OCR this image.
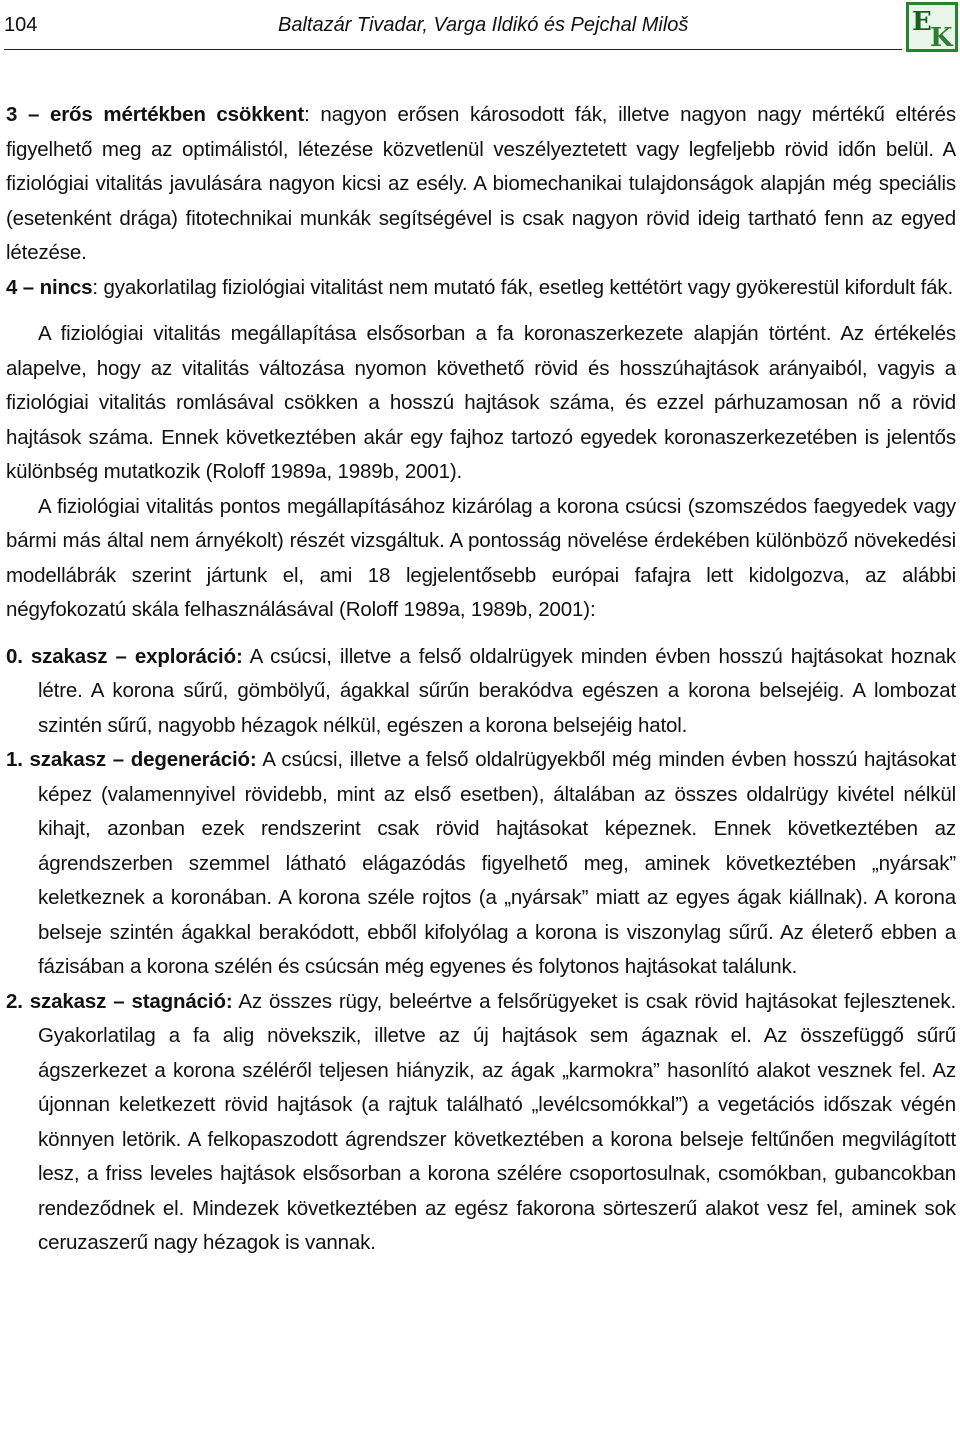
104	Baltazár Tivadar, Varga Ildikó és Pejchal Miloš	E
K

3 – erős mértékben csökkent: nagyon erősen károsodott fák, illetve nagyon nagy mértékű eltérés figyelhető meg az optimálistól, létezése közvetlenül veszélyeztetett vagy legfeljebb rövid időn belül. A fiziológiai vitalitás javulására nagyon kicsi az esély. A biomechanikai tulajdonságok alapján még speciális (esetenként drága) fitotechnikai munkák segítségével is csak nagyon rövid ideig tartható fenn az egyed létezése.

4 – nincs: gyakorlatilag fiziológiai vitalitást nem mutató fák, esetleg kettétört vagy gyökerestül kifordult fák.

A fiziológiai vitalitás megállapítása elsősorban a fa koronaszerkezete alapján történt. Az értékelés alapelve, hogy az vitalitás változása nyomon követhető rövid és hosszúhajtások arányaiból, vagyis a fiziológiai vitalitás romlásával csökken a hosszú hajtások száma, és ezzel párhuzamosan nő a rövid hajtások száma. Ennek következtében akár egy fajhoz tartozó egyedek koronaszerkezetében is jelentős különbség mutatkozik (Roloff 1989a, 1989b, 2001).

A fiziológiai vitalitás pontos megállapításához kizárólag a korona csúcsi (szomszédos faegyedek vagy bármi más által nem árnyékolt) részét vizsgáltuk. A pontosság növelése érdekében különböző növekedési modellábrák szerint jártunk el, ami 18 legjelentősebb európai fafajra lett kidolgozva, az alábbi négyfokozatú skála felhasználásával (Roloff 1989a, 1989b, 2001):

0. szakasz – exploráció: A csúcsi, illetve a felső oldalrügyek minden évben hosszú hajtásokat hoznak létre. A korona sűrű, gömbölyű, ágakkal sűrűn berakódva egészen a korona belsejéig. A lombozat szintén sűrű, nagyobb hézagok nélkül, egészen a korona belsejéig hatol.

1. szakasz – degeneráció: A csúcsi, illetve a felső oldalrügyekből még minden évben hosszú hajtásokat képez (valamennyivel rövidebb, mint az első esetben), általában az összes oldalrügy kivétel nélkül kihajt, azonban ezek rendszerint csak rövid hajtásokat képeznek. Ennek következtében az ágrendszerben szemmel látható elágazódás figyelhető meg, aminek következtében „nyársak” keletkeznek a koronában. A korona széle rojtos (a „nyársak” miatt az egyes ágak kiállnak). A korona belseje szintén ágakkal berakódott, ebből kifolyólag a korona is viszonylag sűrű. Az életerő ebben a fázisában a korona szélén és csúcsán még egyenes és folytonos hajtásokat találunk.

2. szakasz – stagnáció: Az összes rügy, beleértve a felsőrügyeket is csak rövid hajtásokat fejlesztenek. Gyakorlatilag a fa alig növekszik, illetve az új hajtások sem ágaznak el. Az összefüggő sűrű ágszerkezet a korona széléről teljesen hiányzik, az ágak „karmokra” hasonlító alakot vesznek fel. Az újonnan keletkezett rövid hajtások (a rajtuk található „levélcsomókkal”) a vegetációs időszak végén könnyen letörik. A felkopaszodott ágrendszer következtében a korona belseje feltűnően megvilágított lesz, a friss leveles hajtások elsősorban a korona szélére csoportosulnak, csomókban, gubancokban rendeződnek el. Mindezek következtében az egész fakorona sörteszerű alakot vesz fel, aminek sok ceruzaszerű nagy hézagok is vannak.
